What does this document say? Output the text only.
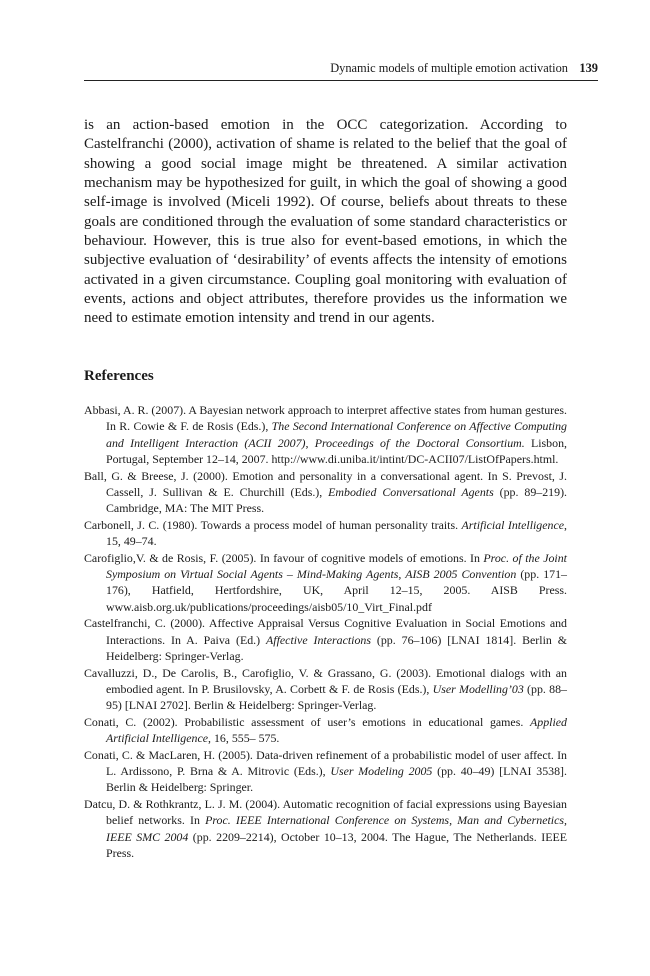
Dynamic models of multiple emotion activation 139

is an action-based emotion in the OCC categorization. According to Castelfranchi (2000), activation of shame is related to the belief that the goal of showing a good social image might be threatened. A similar activation mechanism may be hypothesized for guilt, in which the goal of showing a good self-image is involved (Miceli 1992). Of course, beliefs about threats to these goals are conditioned through the evaluation of some standard characteristics or behaviour. However, this is true also for event-based emotions, in which the subjective evaluation of ‘desirability’ of events affects the intensity of emotions activated in a given circumstance. Coupling goal monitoring with evaluation of events, actions and object attributes, therefore provides us the information we need to estimate emotion intensity and trend in our agents.

References
Abbasi, A. R. (2007). A Bayesian network approach to interpret affective states from human gestures. In R. Cowie & F. de Rosis (Eds.), The Second International Conference on Affective Computing and Intelligent Interaction (ACII 2007), Proceedings of the Doctoral Consortium. Lisbon, Portugal, September 12–14, 2007. http://www.di.uniba.it/intint/DC-ACII07/ListOfPapers.html.
Ball, G. & Breese, J. (2000). Emotion and personality in a conversational agent. In S. Prevost, J. Cassell, J. Sullivan & E. Churchill (Eds.), Embodied Conversational Agents (pp. 89–219). Cambridge, MA: The MIT Press.
Carbonell, J. C. (1980). Towards a process model of human personality traits. Artificial Intelligence, 15, 49–74.
Carofiglio,V. & de Rosis, F. (2005). In favour of cognitive models of emotions. In Proc. of the Joint Symposium on Virtual Social Agents – Mind-Making Agents, AISB 2005 Convention (pp. 171–176), Hatfield, Hertfordshire, UK, April 12–15, 2005. AISB Press. www.aisb.org.uk/publications/proceedings/aisb05/10_Virt_Final.pdf
Castelfranchi, C. (2000). Affective Appraisal Versus Cognitive Evaluation in Social Emotions and Interactions. In A. Paiva (Ed.) Affective Interactions (pp. 76–106) [LNAI 1814]. Berlin & Heidelberg: Springer-Verlag.
Cavalluzzi, D., De Carolis, B., Carofiglio, V. & Grassano, G. (2003). Emotional dialogs with an embodied agent. In P. Brusilovsky, A. Corbett & F. de Rosis (Eds.), User Modelling’03 (pp. 88–95) [LNAI 2702]. Berlin & Heidelberg: Springer-Verlag.
Conati, C. (2002). Probabilistic assessment of user’s emotions in educational games. Applied Artificial Intelligence, 16, 555– 575.
Conati, C. & MacLaren, H. (2005). Data-driven refinement of a probabilistic model of user affect. In L. Ardissono, P. Brna & A. Mitrovic (Eds.), User Modeling 2005 (pp. 40–49) [LNAI 3538]. Berlin & Heidelberg: Springer.
Datcu, D. & Rothkrantz, L. J. M. (2004). Automatic recognition of facial expressions using Bayesian belief networks. In Proc. IEEE International Conference on Systems, Man and Cybernetics, IEEE SMC 2004 (pp. 2209–2214), October 10–13, 2004. The Hague, The Netherlands. IEEE Press.
